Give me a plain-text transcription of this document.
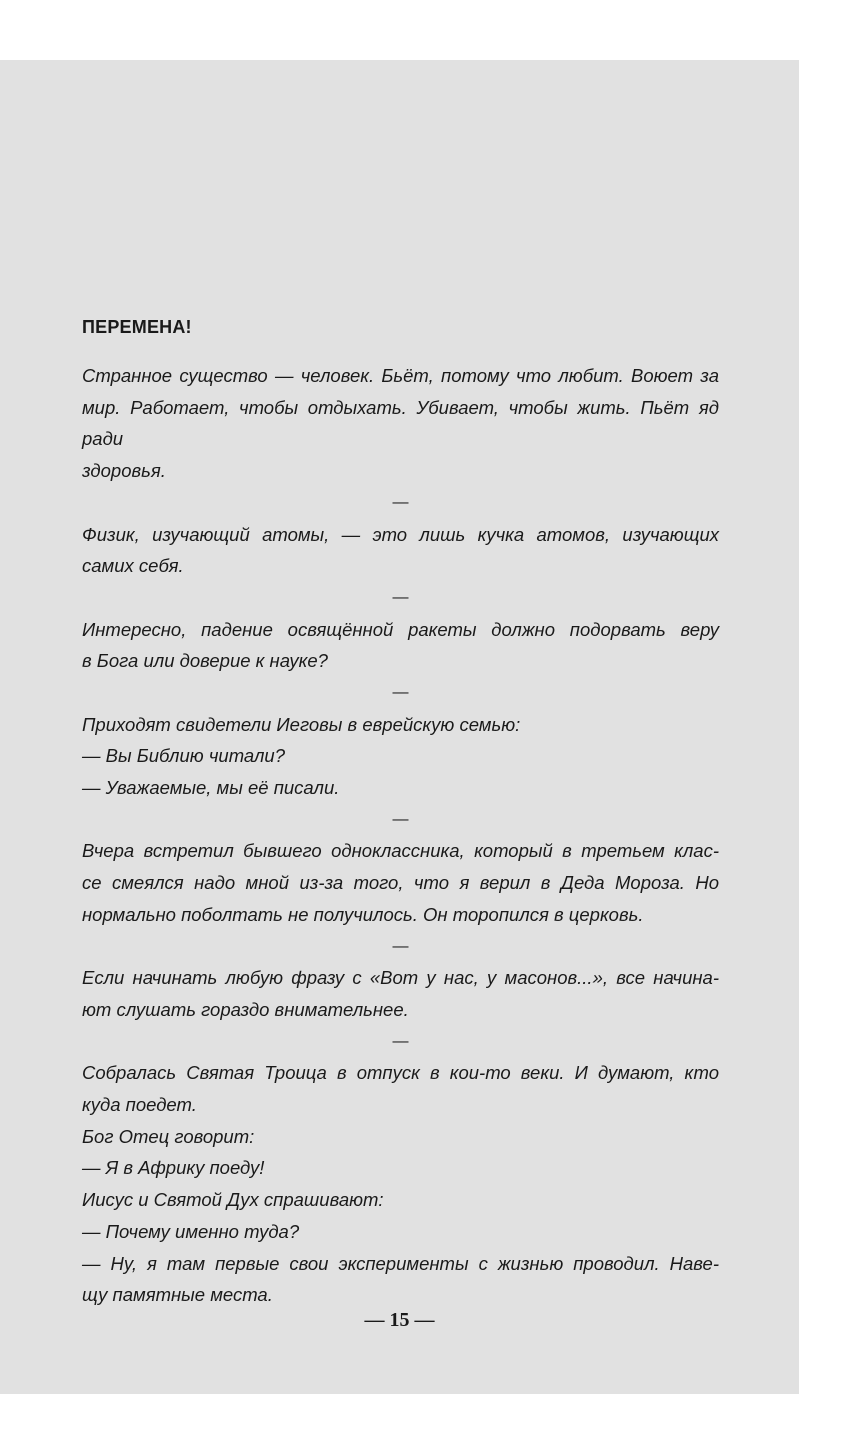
ПЕРЕМЕНА!

Странное существо — человек. Бьёт, потому что любит. Воюет за

мир. Работает, чтобы отдыхать. Убивает, чтобы жить. Пьёт яд ради

здоровья.

—

Физик, изучающий атомы, — это лишь кучка атомов, изучающих

самих себя.

—

Интересно, падение освящённой ракеты должно подорвать веру

в Бога или доверие к науке?

—

Приходят свидетели Иеговы в еврейскую семью:

— Вы Библию читали?

— Уважаемые, мы её писали.

—

Вчера встретил бывшего одноклассника, который в третьем клас-

се смеялся надо мной из-за того, что я верил в Деда Мороза. Но

нормально поболтать не получилось. Он торопился в церковь.

—

Если начинать любую фразу с «Вот у нас, у масонов...», все начина-

ют слушать гораздо внимательнее.

—

Собралась Святая Троица в отпуск в кои-то веки. И думают, кто

куда поедет.

Бог Отец говорит:

— Я в Африку поеду!

Иисус и Святой Дух спрашивают:

— Почему именно туда?

— Ну, я там первые свои эксперименты с жизнью проводил. Наве-

щу памятные места.

— 15 —
